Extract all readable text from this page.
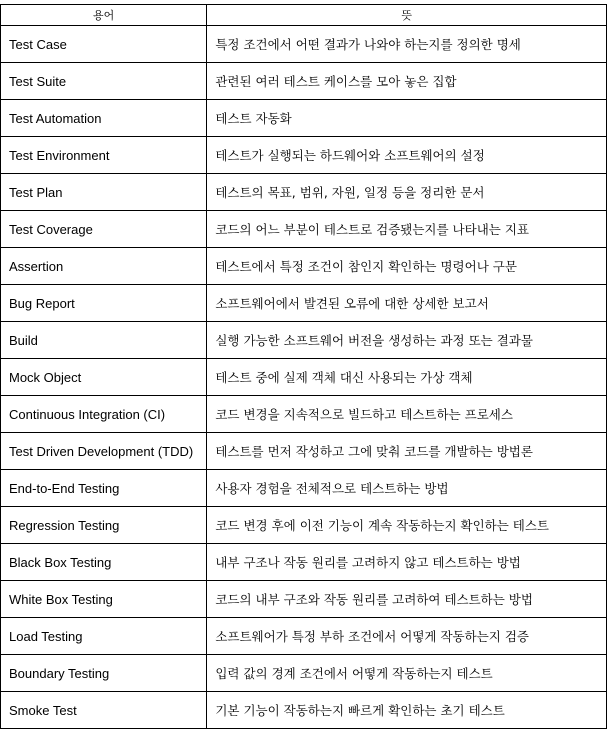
용어	뜻
Test Case	특정 조건에서 어떤 결과가 나와야 하는지를 정의한 명세
Test Suite	관련된 여러 테스트 케이스를 모아 놓은 집합
Test Automation	테스트 자동화
Test Environment	테스트가 실행되는 하드웨어와 소프트웨어의 설정
Test Plan	테스트의 목표, 범위, 자원, 일정 등을 정리한 문서
Test Coverage	코드의 어느 부분이 테스트로 검증됐는지를 나타내는 지표
Assertion	테스트에서 특정 조건이 참인지 확인하는 명령어나 구문
Bug Report	소프트웨어에서 발견된 오류에 대한 상세한 보고서
Build	실행 가능한 소프트웨어 버전을 생성하는 과정 또는 결과물
Mock Object	테스트 중에 실제 객체 대신 사용되는 가상 객체
Continuous Integration (CI)	코드 변경을 지속적으로 빌드하고 테스트하는 프로세스
Test Driven Development (TDD)	테스트를 먼저 작성하고 그에 맞춰 코드를 개발하는 방법론
End-to-End Testing	사용자 경험을 전체적으로 테스트하는 방법
Regression Testing	코드 변경 후에 이전 기능이 계속 작동하는지 확인하는 테스트
Black Box Testing	내부 구조나 작동 원리를 고려하지 않고 테스트하는 방법
White Box Testing	코드의 내부 구조와 작동 원리를 고려하여 테스트하는 방법
Load Testing	소프트웨어가 특정 부하 조건에서 어떻게 작동하는지 검증
Boundary Testing	입력 값의 경계 조건에서 어떻게 작동하는지 테스트
Smoke Test	기본 기능이 작동하는지 빠르게 확인하는 초기 테스트
